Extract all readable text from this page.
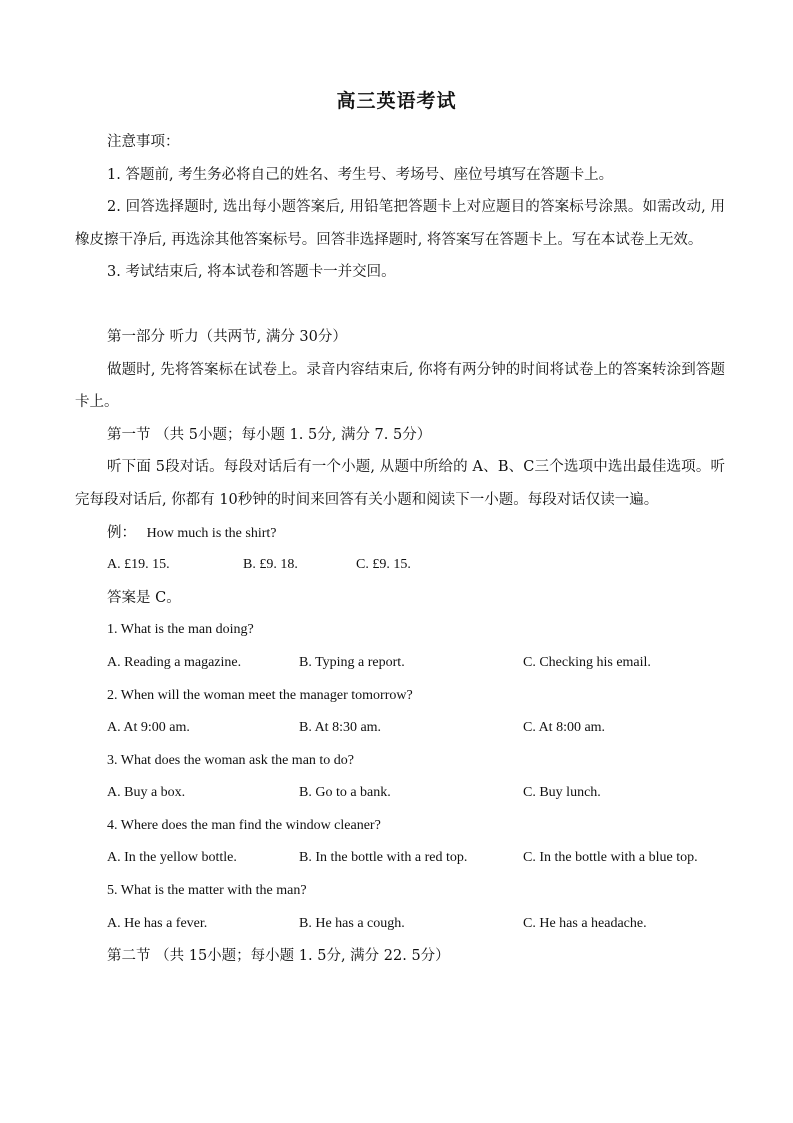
高三英语考试
注意事项：
1. 答题前, 考生务必将自己的姓名、考生号、考场号、座位号填写在答题卡上。
2. 回答选择题时, 选出每小题答案后, 用铅笔把答题卡上对应题目的答案标号涂黑。如需改动, 用橡皮擦干净后, 再选涂其他答案标号。回答非选择题时, 将答案写在答题卡上。写在本试卷上无效。
3. 考试结束后, 将本试卷和答题卡一并交回。
第一部分 听力（共两节, 满分 30分）
做题时, 先将答案标在试卷上。录音内容结束后, 你将有两分钟的时间将试卷上的答案转涂到答题卡上。
第一节 （共 5小题；每小题 1. 5分, 满分 7. 5分）
听下面 5段对话。每段对话后有一个小题, 从题中所给的 A、B、C三个选项中选出最佳选项。听完每段对话后, 你都有 10秒钟的时间来回答有关小题和阅读下一小题。每段对话仅读一遍。
例： How much is the shirt?
A. £19. 15.	B. £9. 18.	C. £9. 15.
答案是 C。
1. What is the man doing?
A. Reading a magazine.	B. Typing a report.	C. Checking his email.
2. When will the woman meet the manager tomorrow?
A. At 9:00 am.	B. At 8:30 am.	C. At 8:00 am.
3. What does the woman ask the man to do?
A. Buy a box.	B. Go to a bank.	C. Buy lunch.
4. Where does the man find the window cleaner?
A. In the yellow bottle.	B. In the bottle with a red top.	C. In the bottle with a blue top.
5. What is the matter with the man?
A. He has a fever.	B. He has a cough.	C. He has a headache.
第二节 （共 15小题；每小题 1. 5分, 满分 22. 5分）
